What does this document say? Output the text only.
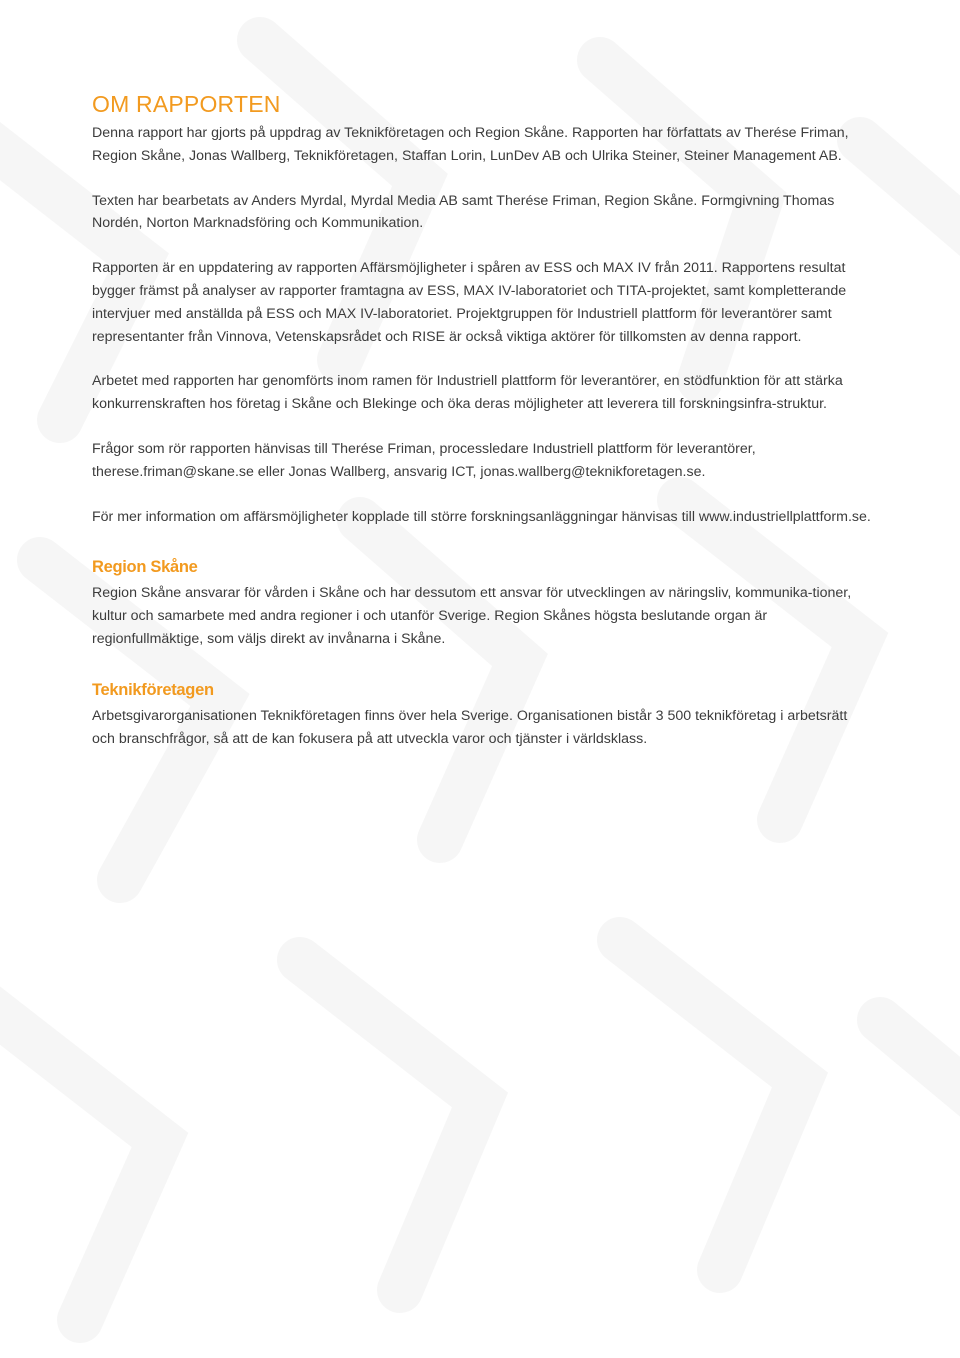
OM RAPPORTEN

Denna rapport har gjorts på uppdrag av Teknikföretagen och Region Skåne. Rapporten har författats av Therése Friman, Region Skåne, Jonas Wallberg, Teknikföretagen, Staffan Lorin, LunDev AB och Ulrika Steiner, Steiner Management AB.

Texten har bearbetats av Anders Myrdal, Myrdal Media AB samt Therése Friman, Region Skåne. Formgivning Thomas Nordén, Norton Marknadsföring och Kommunikation.

Rapporten är en uppdatering av rapporten Affärsmöjligheter i spåren av ESS och MAX IV från 2011. Rapportens resultat bygger främst på analyser av rapporter framtagna av ESS, MAX IV-laboratoriet och TITA-projektet, samt kompletterande intervjuer med anställda på ESS och MAX IV-laboratoriet. Projektgruppen för Industriell plattform för leverantörer samt representanter från Vinnova, Vetenskapsrådet och RISE är också viktiga aktörer för tillkomsten av denna rapport.

Arbetet med rapporten har genomförts inom ramen för Industriell plattform för leverantörer, en stödfunktion för att stärka konkurrenskraften hos företag i Skåne och Blekinge och öka deras möjligheter att leverera till forskningsinfra-struktur.

Frågor som rör rapporten hänvisas till Therése Friman, processledare Industriell plattform för leverantörer, therese.friman@skane.se eller Jonas Wallberg, ansvarig ICT, jonas.wallberg@teknikforetagen.se.

För mer information om affärsmöjligheter kopplade till större forskningsanläggningar hänvisas till www.industriellplattform.se.

Region Skåne

Region Skåne ansvarar för vården i Skåne och har dessutom ett ansvar för utvecklingen av näringsliv, kommunika-tioner, kultur och samarbete med andra regioner i och utanför Sverige. Region Skånes högsta beslutande organ är regionfullmäktige, som väljs direkt av invånarna i Skåne.

Teknikföretagen

Arbetsgivarorganisationen Teknikföretagen finns över hela Sverige. Organisationen bistår 3 500 teknikföretag i arbetsrätt och branschfrågor, så att de kan fokusera på att utveckla varor och tjänster i världsklass.
